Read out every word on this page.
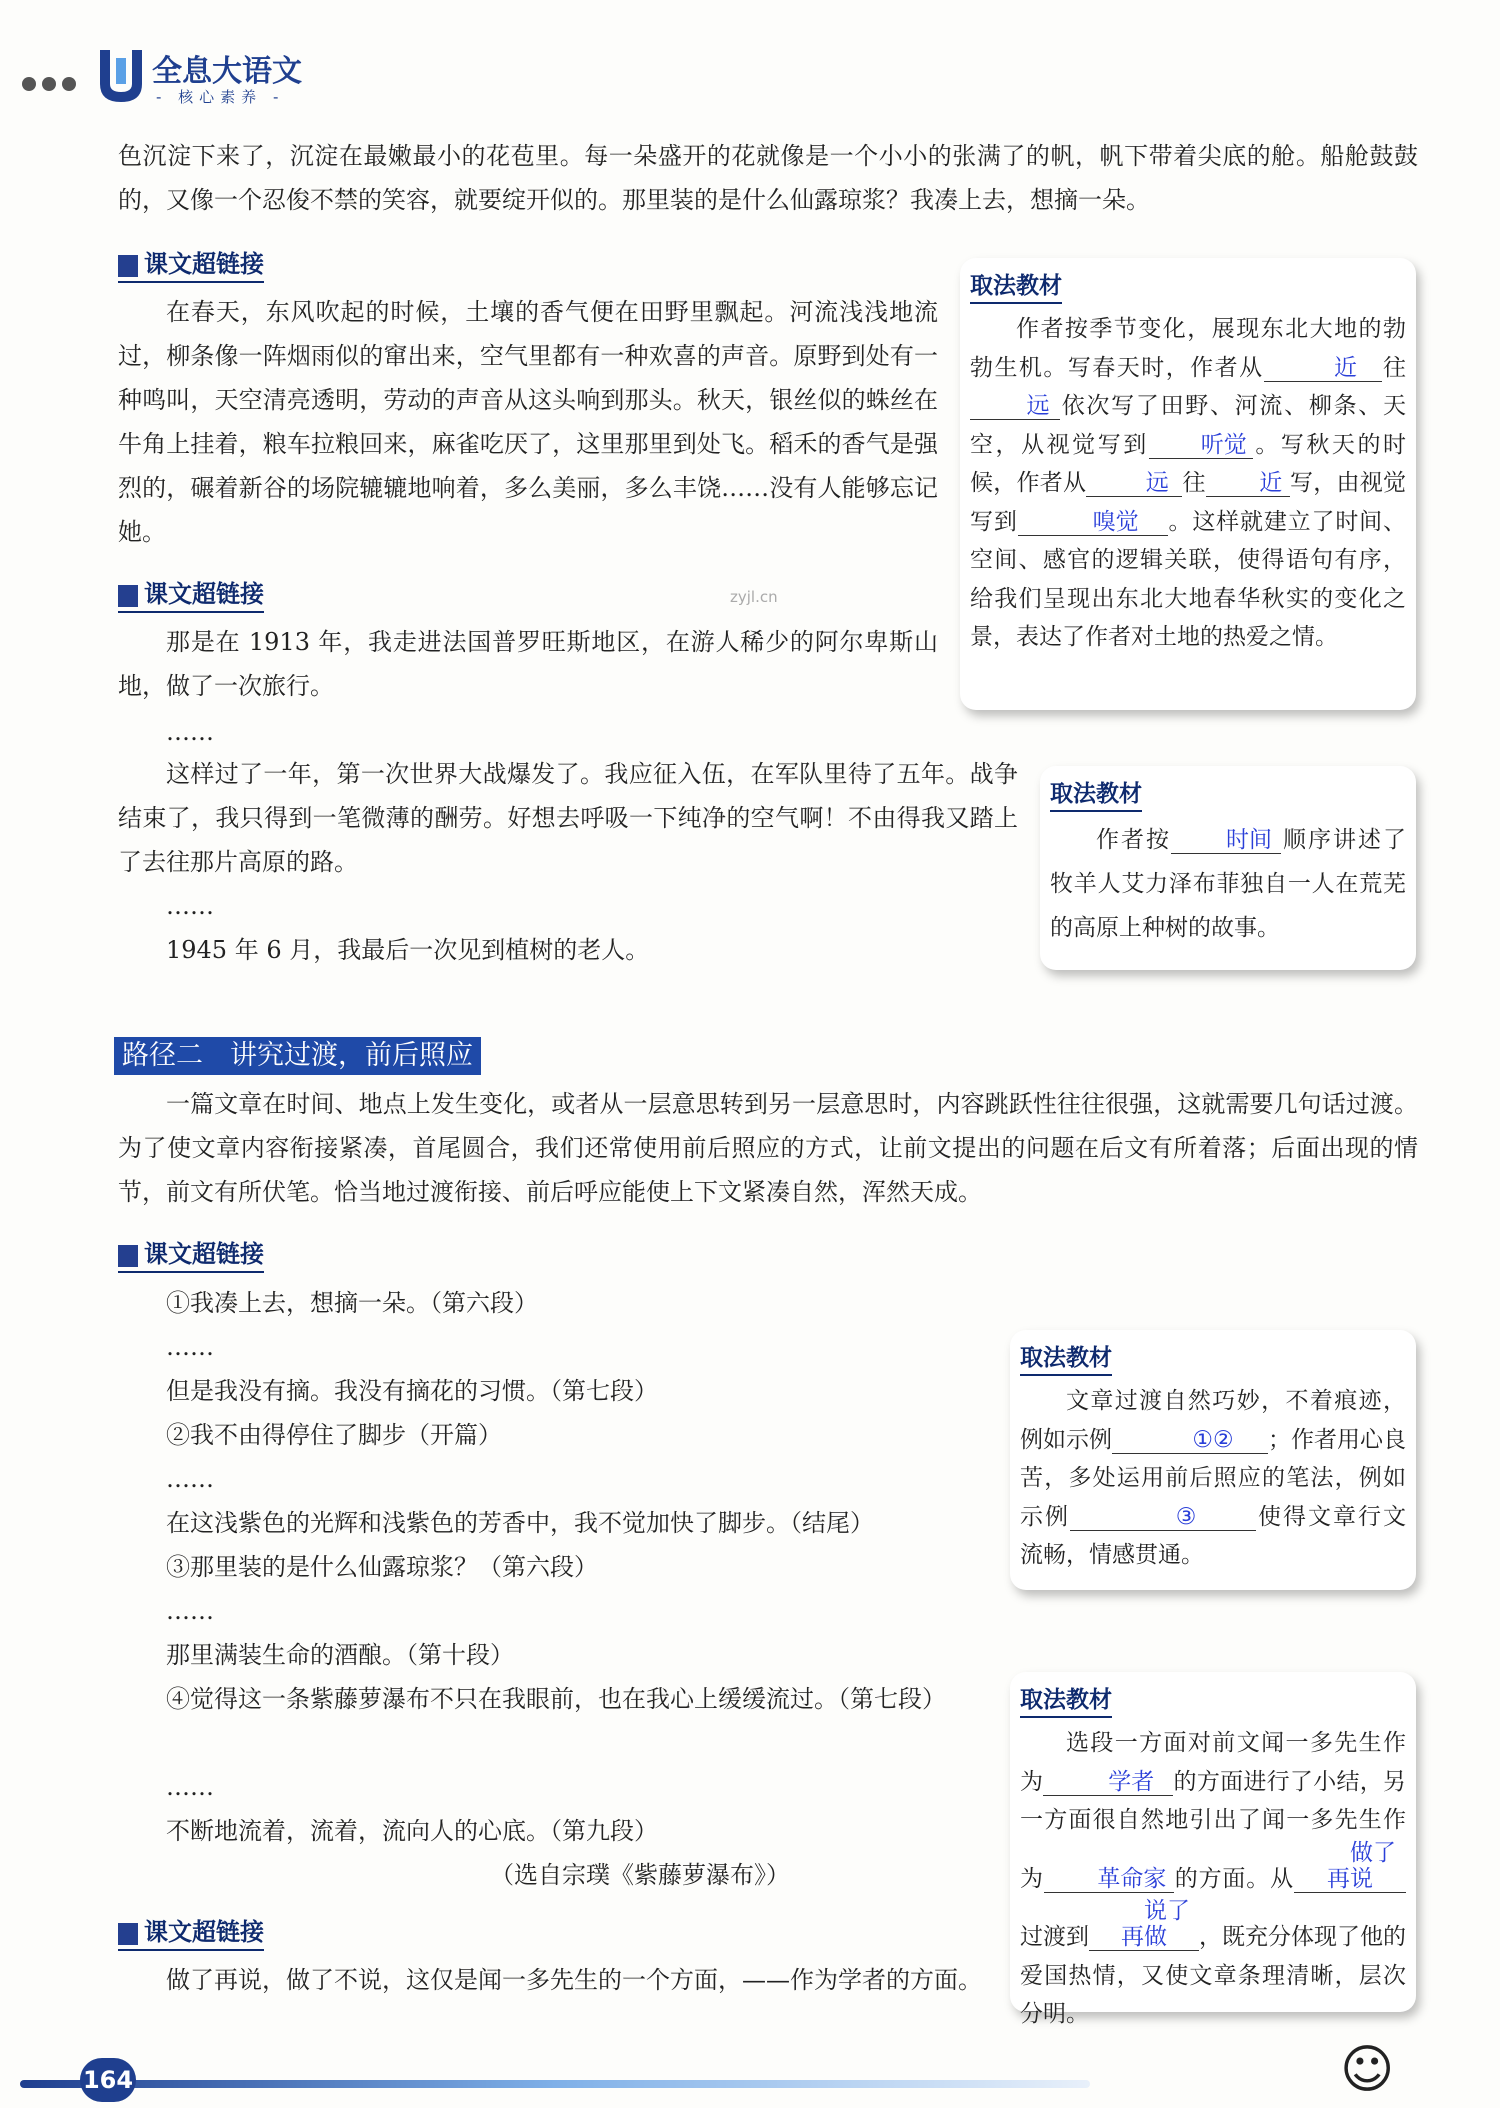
全息大语文
- 核心素养 -

色沉淀下来了，沉淀在最嫩最小的花苞里。每一朵盛开的花就像是一个小小的张满了的帆，帆下带着尖底的舱。船舱鼓鼓的，又像一个忍俊不禁的笑容，就要绽开似的。那里装的是什么仙露琼浆？我凑上去，想摘一朵。

课文超链接

在春天，东风吹起的时候，土壤的香气便在田野里飘起。河流浅浅地流过，柳条像一阵烟雨似的窜出来，空气里都有一种欢喜的声音。原野到处有一种鸣叫，天空清亮透明，劳动的声音从这头响到那头。秋天，银丝似的蛛丝在牛角上挂着，粮车拉粮回来，麻雀吃厌了，这里那里到处飞。稻禾的香气是强烈的，碾着新谷的场院辘辘地响着，多么美丽，多么丰饶……没有人能够忘记她。

取法教材

作者按季节变化，展现东北大地的勃勃生机。写春天时，作者从	近 往远 依次写了田野、河流、柳条、天空，从视觉写到 听觉 。写秋天的时候，作者从	远 往 近 写，由视觉写到	嗅觉 。这样就建立了时间、空间、感官的逻辑关联，使得语句有序，给我们呈现出东北大地春华秋实的变化之景，表达了作者对土地的热爱之情。

zyjl.cn
课文超链接

那是在 1913 年，我走进法国普罗旺斯地区，在游人稀少的阿尔卑斯山地，做了一次旅行。

……

这样过了一年，第一次世界大战爆发了。我应征入伍，在军队里待了五年。战争结束了，我只得到一笔微薄的酬劳。好想去呼吸一下纯净的空气啊！不由得我又踏上了去往那片高原的路。

……

1945 年 6 月，我最后一次见到植树的老人。

取法教材

作者按 时间 顺序讲述了牧羊人艾力泽布菲独自一人在荒芜的高原上种树的故事。

路径二　讲究过渡，前后照应

一篇文章在时间、地点上发生变化，或者从一层意思转到另一层意思时，内容跳跃性往往很强，这就需要几句话过渡。为了使文章内容衔接紧凑，首尾圆合，我们还常使用前后照应的方式，让前文提出的问题在后文有所着落；后面出现的情节，前文有所伏笔。恰当地过渡衔接、前后呼应能使上下文紧凑自然，浑然天成。

课文超链接

①我凑上去，想摘一朵。（第六段）

……

但是我没有摘。我没有摘花的习惯。（第七段）

②我不由得停住了脚步（开篇）

……

在这浅紫色的光辉和浅紫色的芳香中，我不觉加快了脚步。（结尾）

③那里装的是什么仙露琼浆？（第六段）

……

那里满装生命的酒酿。（第十段）

④觉得这一条紫藤萝瀑布不只在我眼前，也在我心上缓缓流过。（第七段）

……

不断地流着，流着，流向人的心底。（第九段）

（选自宗璞《紫藤萝瀑布》）

取法教材

文章过渡自然巧妙，不着痕迹，例如示例	①② ；作者用心良苦，多处运用前后照应的笔法，例如示例	③	使得文章行文流畅，情感贯通。

课文超链接

做了再说，做了不说，这仅是闻一多先生的一个方面，——作为学者的方面。

取法教材

选段一方面对前文闻一多先生作为	学者 的方面进行了小结，另一方面很自然地引出了闻一多先生作为 革命家 的方面。从做了再说过渡到说了再做 ，既充分体现了他的爱国热情，又使文章条理清晰，层次分明。

164	☺
